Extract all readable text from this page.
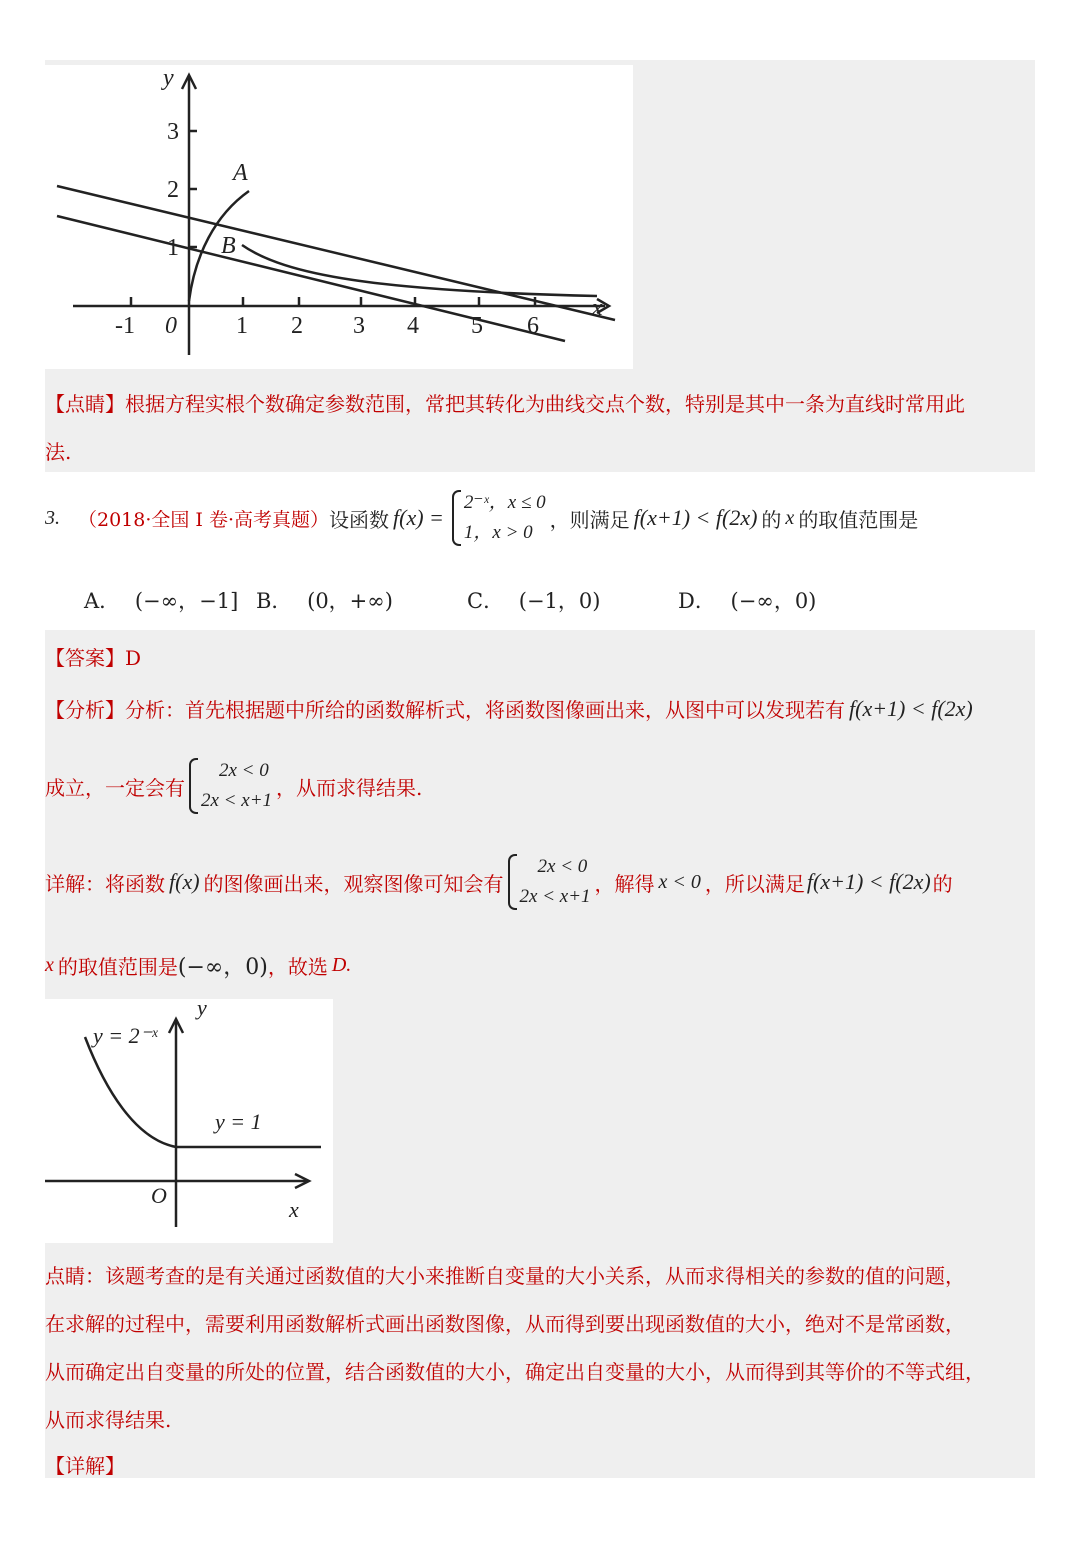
y
x
1
2
3
-1 0 1 2 3 4 5 6
A
B
【点睛】根据方程实根个数确定参数范围，常把其转化为曲线交点个数，特别是其中一条为直线时常用此
法.
3. （2018·全国 I 卷·高考真题） 设函数 f(x) =
2⁻ˣ，x ≤ 0
1，x > 0
，则满足 f(x+1) < f(2x) 的 x 的取值范围是
A． (−∞，−1] B． (0，+∞)	C． (−1，0)	D． (−∞，0)
【答案】D
【分析】分析：首先根据题中所给的函数解析式，将函数图像画出来，从图中可以发现若有 f(x+1) < f(2x)
成立，一定会有
2x < 0
2x < x+1
，从而求得结果.
详解：将函数 f(x) 的图像画出来，观察图像可知会有
2x < 0
2x < x+1
，解得 x < 0 ，所以满足 f(x+1) < f(2x) 的
x 的取值范围是 (−∞，0) ，故选 D.
y = 2⁻ˣ
y = 1
y
x
O
点睛：该题考查的是有关通过函数值的大小来推断自变量的大小关系，从而求得相关的参数的值的问题，
在求解的过程中，需要利用函数解析式画出函数图像，从而得到要出现函数值的大小，绝对不是常函数，
从而确定出自变量的所处的位置，结合函数值的大小，确定出自变量的大小，从而得到其等价的不等式组，
从而求得结果.
【详解】
